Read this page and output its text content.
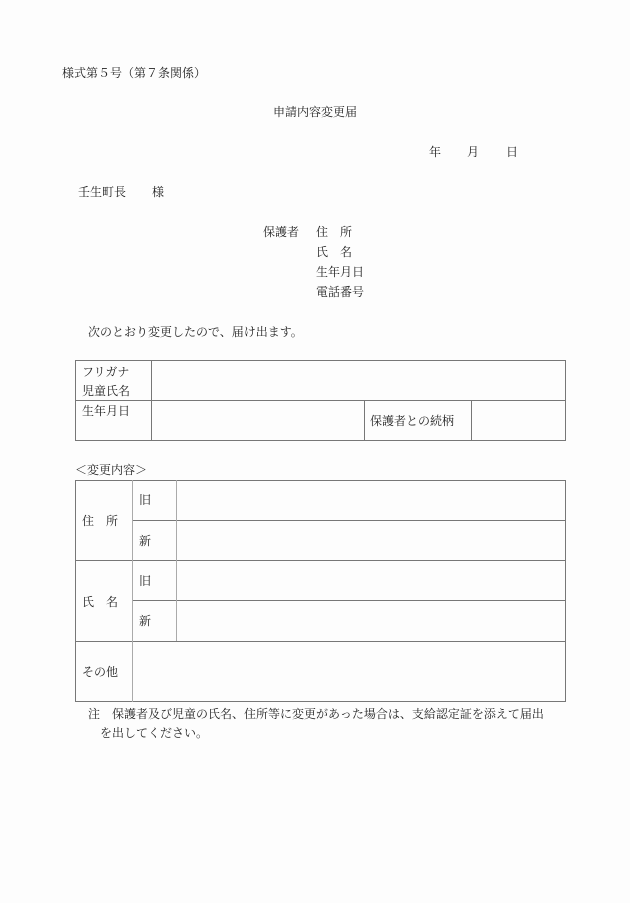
様式第５号（第７条関係）
申請内容変更届
年 月 日
壬生町長 様
保護者 住　所
氏　名
生年月日
電話番号
次のとおり変更したので、届け出ます。
フリガナ
児童氏名
生年月日
保護者との続柄
＜変更内容＞
住　所
旧
新
氏　名
旧
新
その他
注　保護者及び児童の氏名、住所等に変更があった場合は、支給認定証を添えて届出
を出してください。
